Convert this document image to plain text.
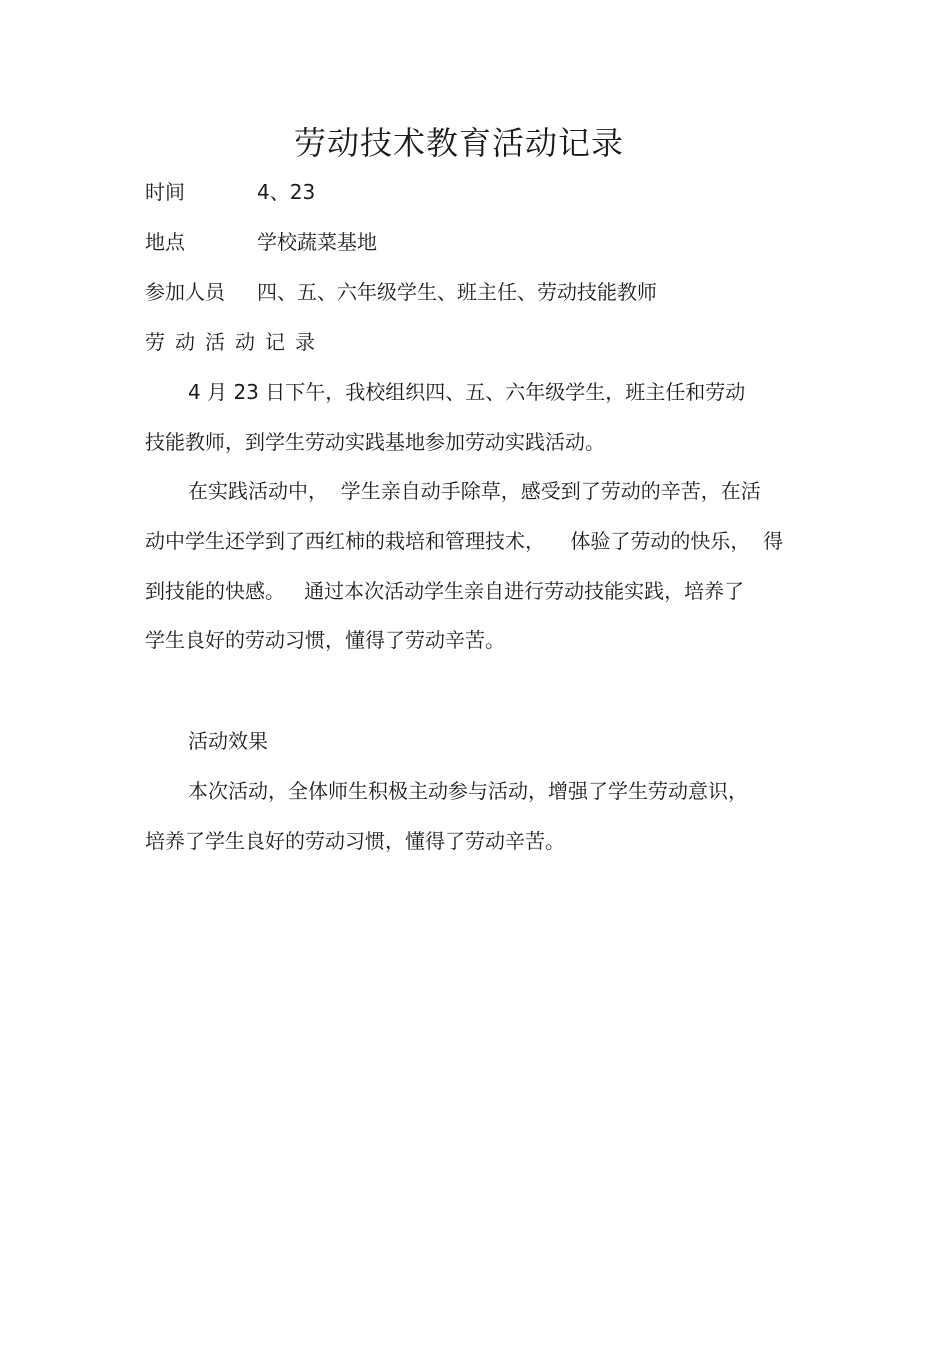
劳动技术教育活动记录
时间	4、23
地点	学校蔬菜基地
参加人员 四、五、六年级学生、班主任、劳动技能教师
劳动活动记录
4 月 23 日下午，我校组织四、五、六年级学生，班主任和劳动
技能教师，到学生劳动实践基地参加劳动实践活动。
在实践活动中，  学生亲自动手除草，感受到了劳动的辛苦，在活
动中学生还学到了西红柿的栽培和管理技术，    体验了劳动的快乐，  得
到技能的快感。   通过本次活动学生亲自进行劳动技能实践，培养了
学生良好的劳动习惯，懂得了劳动辛苦。
活动效果
本次活动，全体师生积极主动参与活动，增强了学生劳动意识，
培养了学生良好的劳动习惯，懂得了劳动辛苦。
